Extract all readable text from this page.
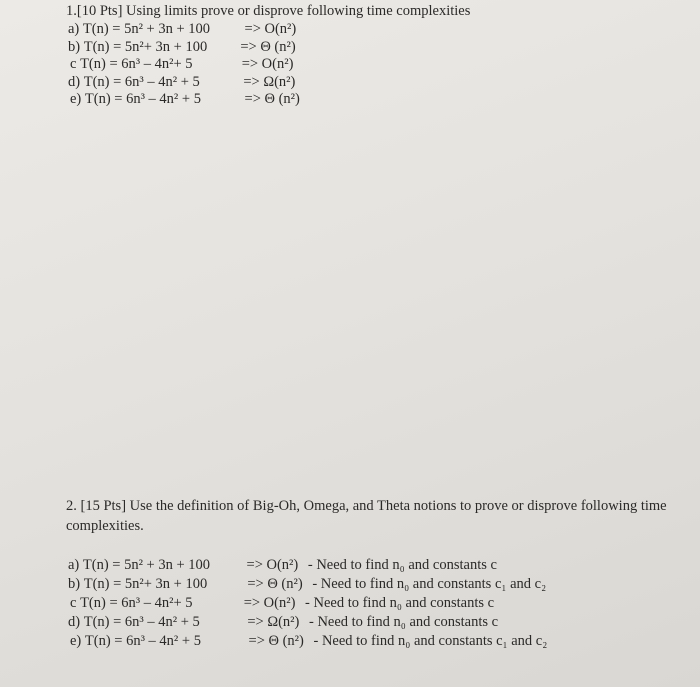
1.[10 Pts] Using limits prove or disprove following time complexities

a) T(n) = 5n² + 3n + 100 => O(n²)
b) T(n) = 5n²+ 3n + 100 => Θ (n²)
c T(n) = 6n³ – 4n²+ 5	=> O(n²)
d) T(n) = 6n³ – 4n² + 5	=> Ω(n²)
e) T(n) = 6n³ – 4n² + 5	=> Θ (n²)

2. [15 Pts] Use the definition of Big-Oh, Omega, and Theta notions to prove or disprove following time complexities.

a) T(n) = 5n² + 3n + 100	=> O(n²) - Need to find n₀ and constants c
b) T(n) = 5n²+ 3n + 100	=> Θ (n²) - Need to find n₀ and constants c₁ and c₂
c T(n) = 6n³ – 4n²+ 5	=> O(n²) - Need to find n₀ and constants c
d) T(n) = 6n³ – 4n² + 5	=> Ω(n²) - Need to find n₀ and constants c
e) T(n) = 6n³ – 4n² + 5	=> Θ (n²) - Need to find n₀ and constants c₁ and c₂
